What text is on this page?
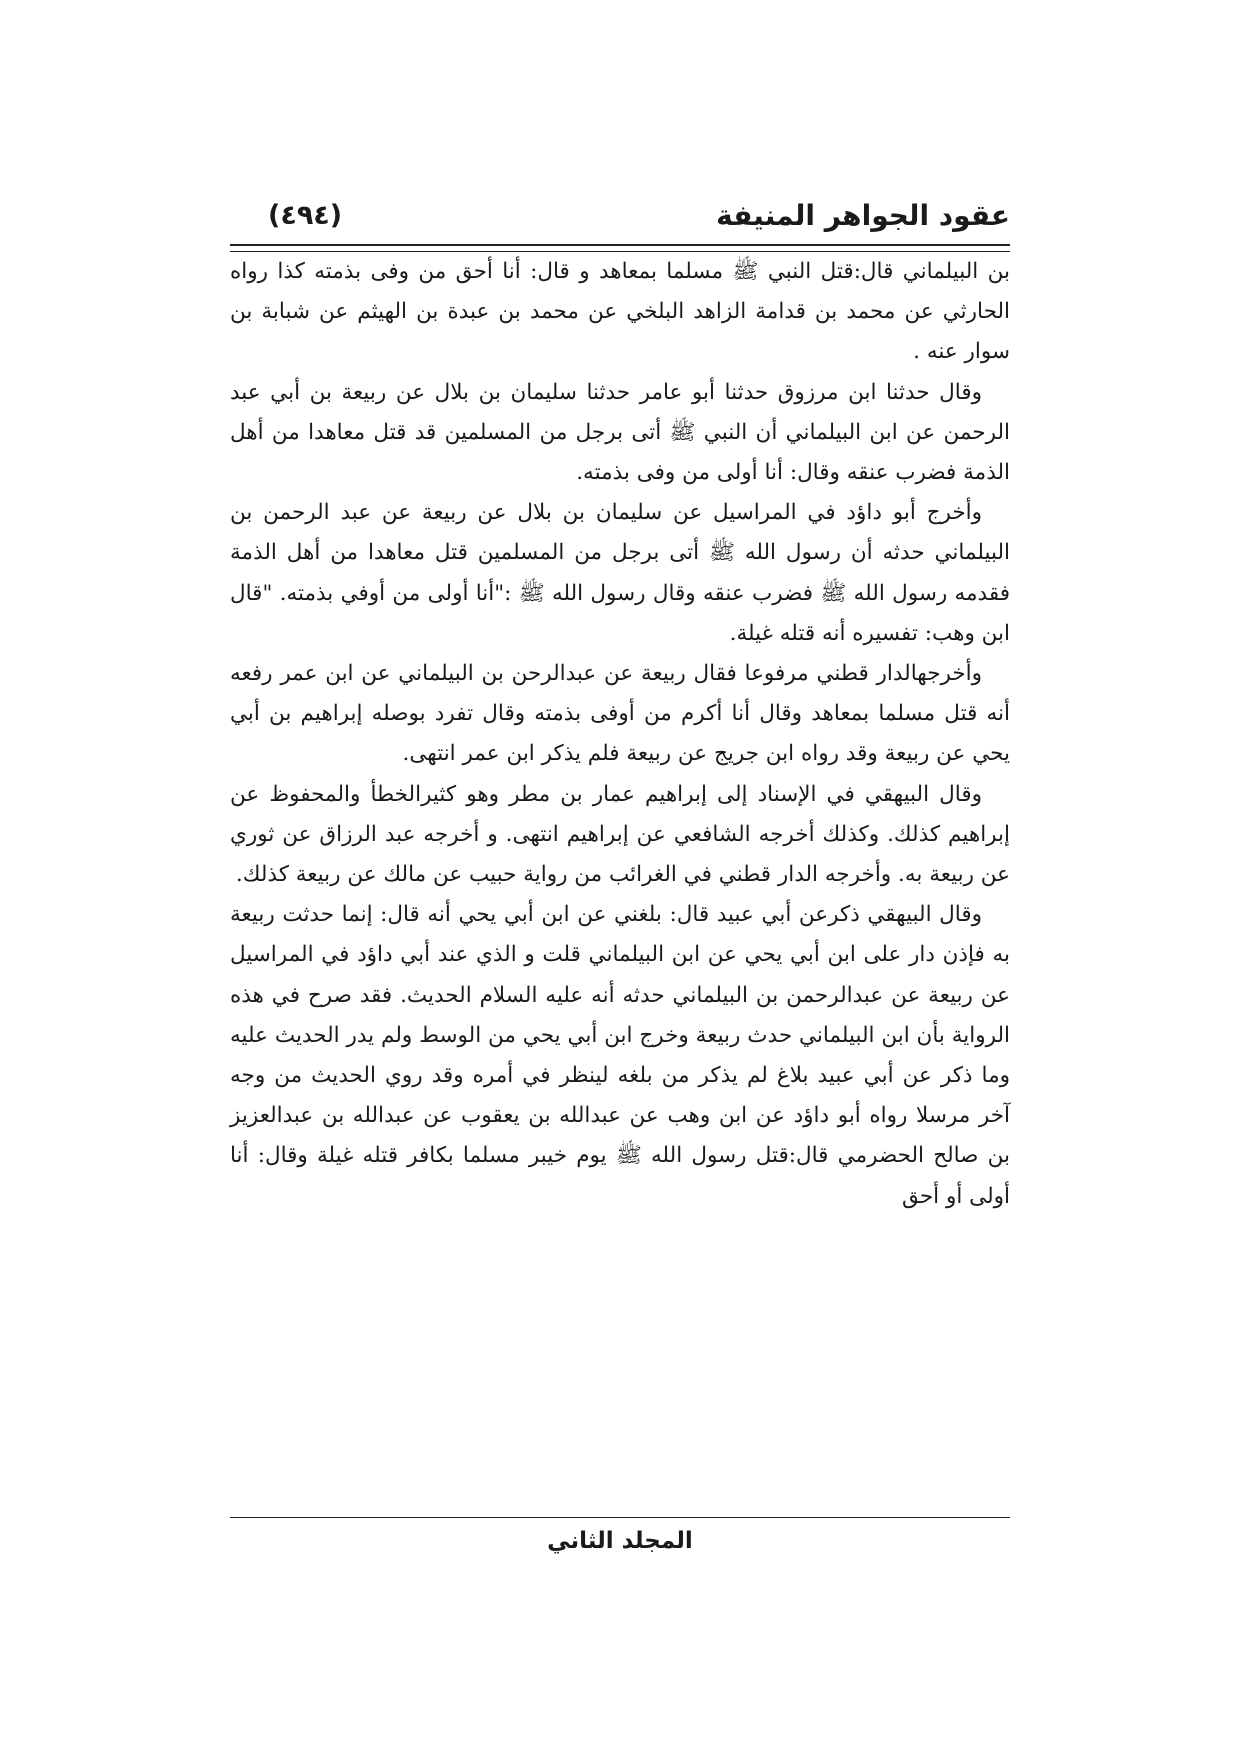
عقود الجواهر المنيفة
(٤٩٤)

بن البيلماني قال:قتل النبي ﷺ مسلما بمعاهد و قال: أنا أحق من وفى بذمته كذا رواه الحارثي عن محمد بن قدامة الزاهد البلخي عن محمد بن عبدة بن الهيثم عن شبابة بن سوار عنه .

وقال حدثنا ابن مرزوق حدثنا أبو عامر حدثنا سليمان بن بلال عن ربيعة بن أبي عبد الرحمن عن ابن البيلماني أن النبي ﷺ أتى برجل من المسلمين قد قتل معاهدا من أهل الذمة فضرب عنقه وقال: أنا أولى من وفى بذمته.

وأخرج أبو داؤد في المراسيل عن سليمان بن بلال عن ربيعة عن عبد الرحمن بن البيلماني حدثه أن رسول الله ﷺ أتى برجل من المسلمين قتل معاهدا من أهل الذمة فقدمه رسول الله ﷺ فضرب عنقه وقال رسول الله ﷺ :"أنا أولى من أوفي بذمته. "قال ابن وهب: تفسيره أنه قتله غيلة.

وأخرجهالدار قطني مرفوعا فقال ربيعة عن عبدالرحن بن البيلماني عن ابن عمر رفعه أنه قتل مسلما بمعاهد وقال أنا أكرم من أوفى بذمته وقال تفرد بوصله إبراهيم بن أبي يحي عن ربيعة وقد رواه ابن جريج عن ربيعة فلم يذكر ابن عمر انتهى.

وقال البيهقي في الإسناد إلى إبراهيم عمار بن مطر وهو كثيرالخطأ والمحفوظ عن إبراهيم كذلك. وكذلك أخرجه الشافعي عن إبراهيم انتهى. و أخرجه عبد الرزاق عن ثوري عن ربيعة به. وأخرجه الدار قطني في الغرائب من رواية حبيب عن مالك عن ربيعة كذلك.

وقال البيهقي ذكرعن أبي عبيد قال: بلغني عن ابن أبي يحي أنه قال: إنما حدثت ربيعة به فإذن دار على ابن أبي يحي عن ابن البيلماني قلت و الذي عند أبي داؤد في المراسيل عن ربيعة عن عبدالرحمن بن البيلماني حدثه أنه عليه السلام الحديث. فقد صرح في هذه الرواية بأن ابن البيلماني حدث ربيعة وخرج ابن أبي يحي من الوسط ولم يدر الحديث عليه وما ذكر عن أبي عبيد بلاغ لم يذكر من بلغه لينظر في أمره وقد روي الحديث من وجه آخر مرسلا رواه أبو داؤد عن ابن وهب عن عبدالله بن يعقوب عن عبدالله بن عبدالعزيز بن صالح الحضرمي قال:قتل رسول الله ﷺ يوم خيبر مسلما بكافر قتله غيلة وقال: أنا أولى أو أحق

المجلد الثاني
